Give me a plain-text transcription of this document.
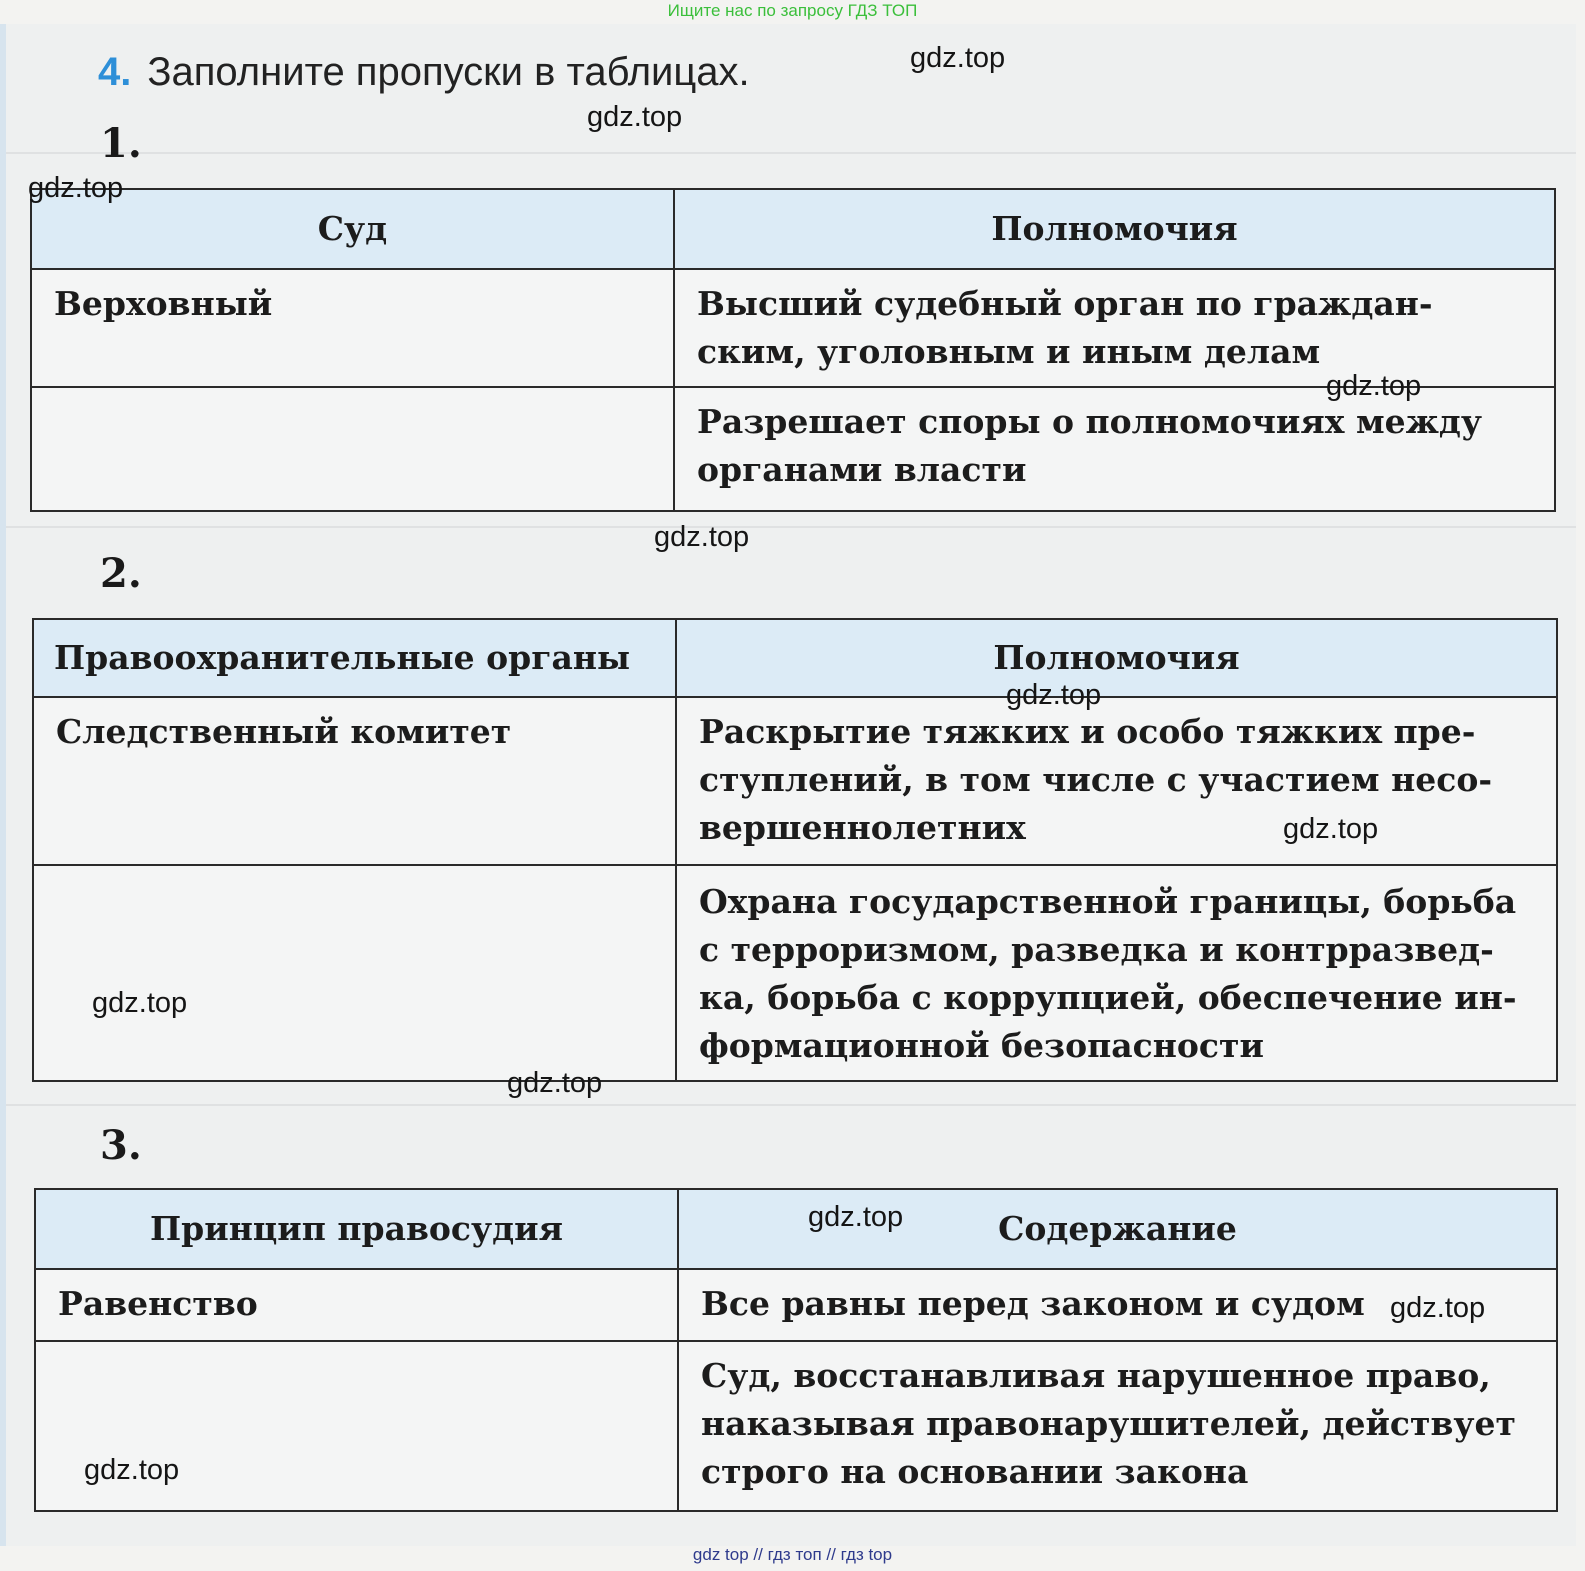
Ищите нас по запросу ГДЗ ТОП
4. Заполните пропуски в таблицах.
1.
Суд	Полномочия
Верховный	Высший судебный орган по граждан-ским, уголовным и иным делам
	Разрешает споры о полномочиях между органами власти
2.
Правоохранительные органы	Полномочия
Следственный комитет	Раскрытие тяжких и особо тяжких пре-ступлений, в том числе с участием несо-вершеннолетних
	Охрана государственной границы, борьба с терроризмом, разведка и контрразвед-ка, борьба с коррупцией, обеспечение ин-формационной безопасности
3.
Принцип правосудия	Содержание
Равенство	Все равны перед законом и судом
	Суд, восстанавливая нарушенное право, наказывая правонарушителей, действует строго на основании закона
gdz.top
gdz.top
gdz.top
gdz.top
gdz.top
gdz.top
gdz.top
gdz.top
gdz.top
gdz.top
gdz.top
gdz.top
gdz top // гдз топ // гдз top
